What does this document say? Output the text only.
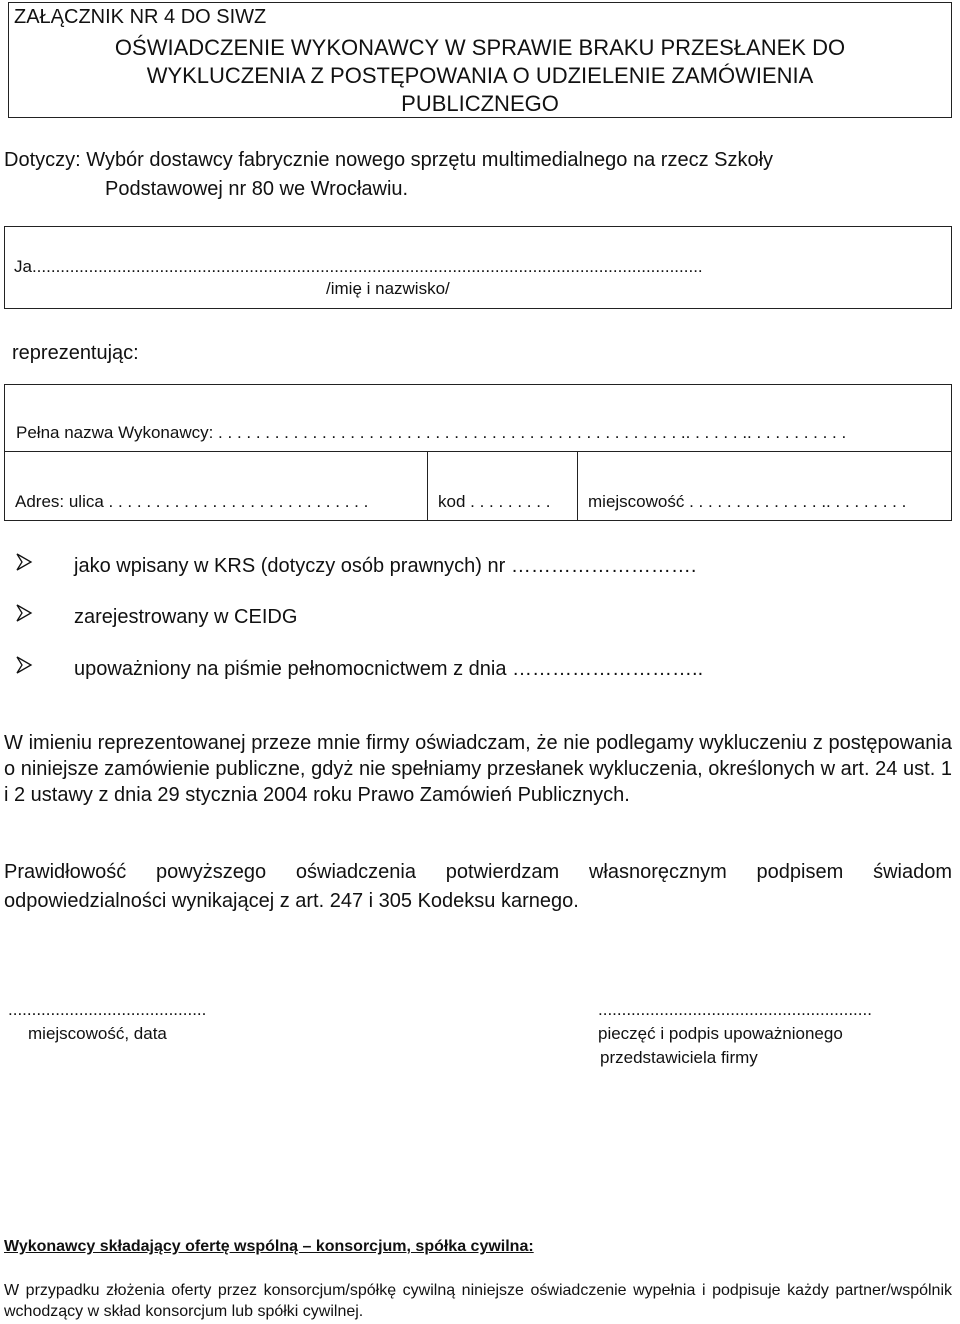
ZAŁĄCZNIK NR 4 DO SIWZ
OŚWIADCZENIE WYKONAWCY W SPRAWIE BRAKU PRZESŁANEK DO
WYKLUCZENIA Z POSTĘPOWANIA O UDZIELENIE ZAMÓWIENIA
PUBLICZNEGO
Dotyczy: Wybór dostawcy fabrycznie nowego sprzętu multimedialnego na rzecz Szkoły
Podstawowej nr 80 we Wrocławiu.
Ja..............................................................................................................................................
/imię i nazwisko/
reprezentując:
Pełna nazwa Wykonawcy: . . . . . . . . . . . . . . . . . . . . . . . . . . . . . . . . . . . . . . . . . . . . . . . . . .. . . . . . .. . . . . . . . . . .
Adres: ulica . . . . . . . . . . . . . . . . . . . . . . . . . . . .	kod . . . . . . . . . miejscowość . . . . . . . . . . . . . . .. . . . . . . . .
jako wpisany w KRS (dotyczy osób prawnych) nr ……………………….
zarejestrowany w CEIDG
upoważniony na piśmie pełnomocnictwem z dnia ………………………..
W imieniu reprezentowanej przeze mnie firmy oświadczam, że nie podlegamy wykluczeniu z postępowania o niniejsze zamówienie publiczne, gdyż nie spełniamy przesłanek wykluczenia, określonych w art. 24 ust. 1 i 2 ustawy z dnia 29 stycznia 2004 roku Prawo Zamówień Publicznych.
Prawidłowość powyższego oświadczenia potwierdzam własnoręcznym podpisem świadom odpowiedzialności wynikającej z art. 247 i 305 Kodeksu karnego.
..........................................
miejscowość, data
..........................................................
pieczęć i podpis upoważnionego
przedstawiciela firmy
Wykonawcy składający ofertę wspólną – konsorcjum, spółka cywilna:
W przypadku złożenia oferty przez konsorcjum/spółkę cywilną niniejsze oświadczenie wypełnia i podpisuje każdy partner/wspólnik wchodzący w skład konsorcjum lub spółki cywilnej.
